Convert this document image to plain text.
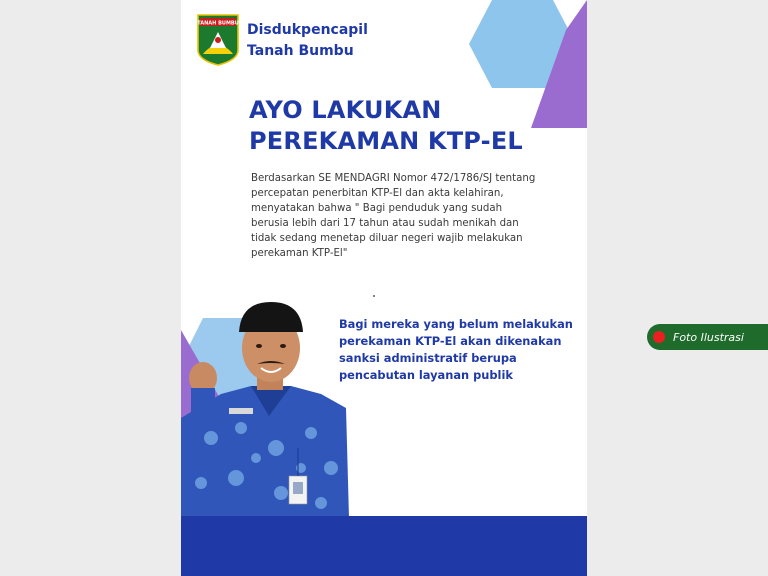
TANAH BUMBU Disdukpencapil
Tanah Bumbu
AYO LAKUKAN
PEREKAMAN KTP-EL
Berdasarkan SE MENDAGRI Nomor 472/1786/SJ tentang percepatan penerbitan KTP-El dan akta kelahiran, menyatakan bahwa " Bagi penduduk yang sudah berusia lebih dari 17 tahun atau sudah menikah dan tidak sedang menetap diluar negeri wajib melakukan perekaman KTP-El"
Bagi mereka yang belum melakukan perekaman KTP-El akan dikenakan sanksi administratif berupa pencabutan layanan publik
Foto Ilustrasi
